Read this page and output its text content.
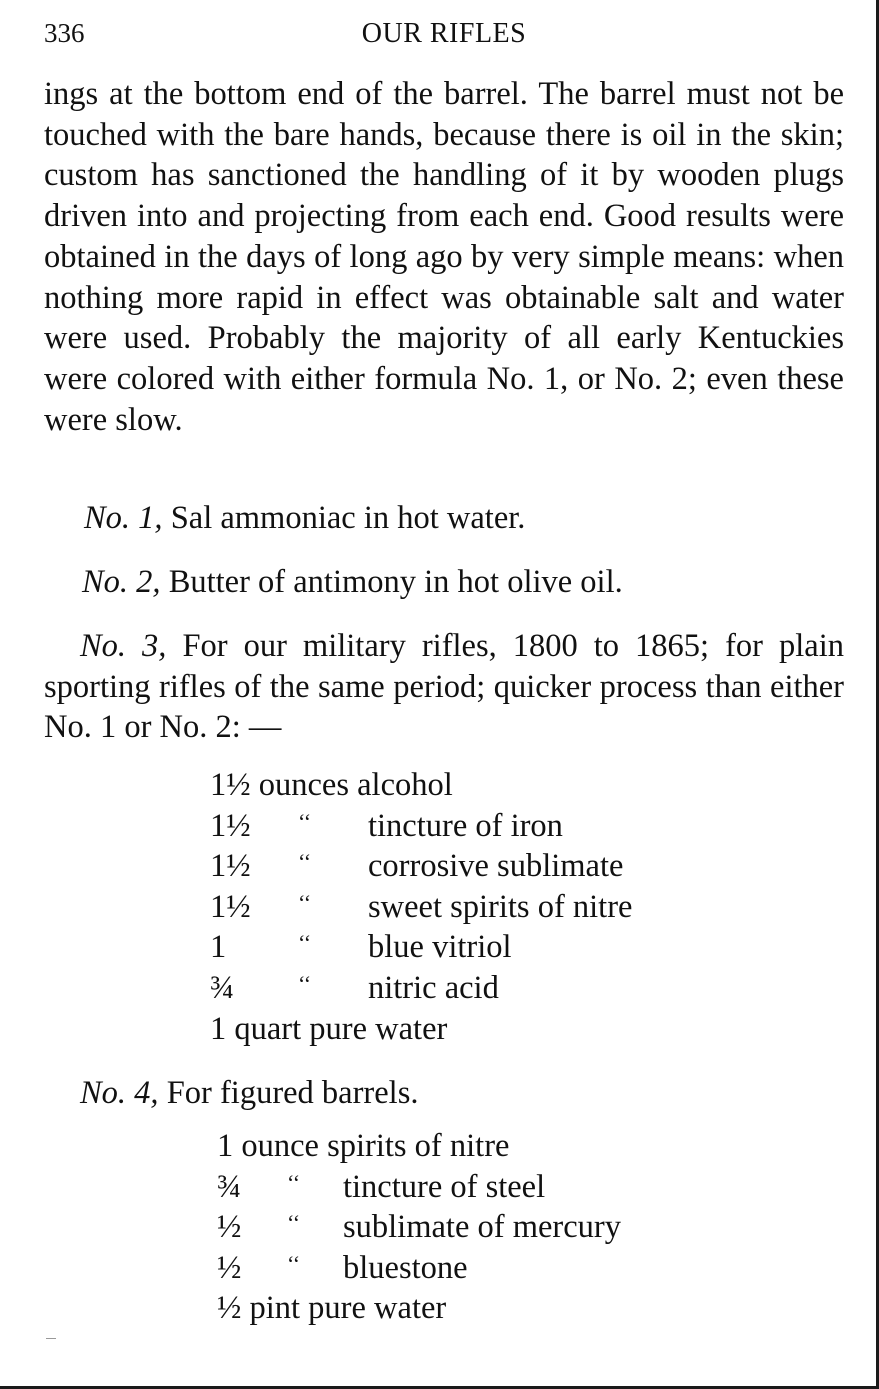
336	OUR RIFLES

ings at the bottom end of the barrel. The barrel must not be touched with the bare hands, because there is oil in the skin; custom has sanctioned the handling of it by wooden plugs driven into and projecting from each end. Good results were obtained in the days of long ago by very simple means: when nothing more rapid in effect was obtainable salt and water were used. Probably the majority of all early Kentuckies were colored with either formula No. 1, or No. 2; even these were slow.

No. 1, Sal ammoniac in hot water.

No. 2, Butter of antimony in hot olive oil.

No. 3, For our military rifles, 1800 to 1865; for plain sporting rifles of the same period; quicker process than either No. 1 or No. 2: —

1½ ounces alcohol
1½ ‘‘ tincture of iron
1½ ‘‘ corrosive sublimate
1½ ‘‘ sweet spirits of nitre
1	‘‘ blue vitriol
¾	‘‘ nitric acid
1 quart pure water

No. 4, For figured barrels.

1 ounce spirits of nitre
¾ ‘‘ tincture of steel
½ ‘‘ sublimate of mercury
½ ‘‘ bluestone
½ pint pure water
